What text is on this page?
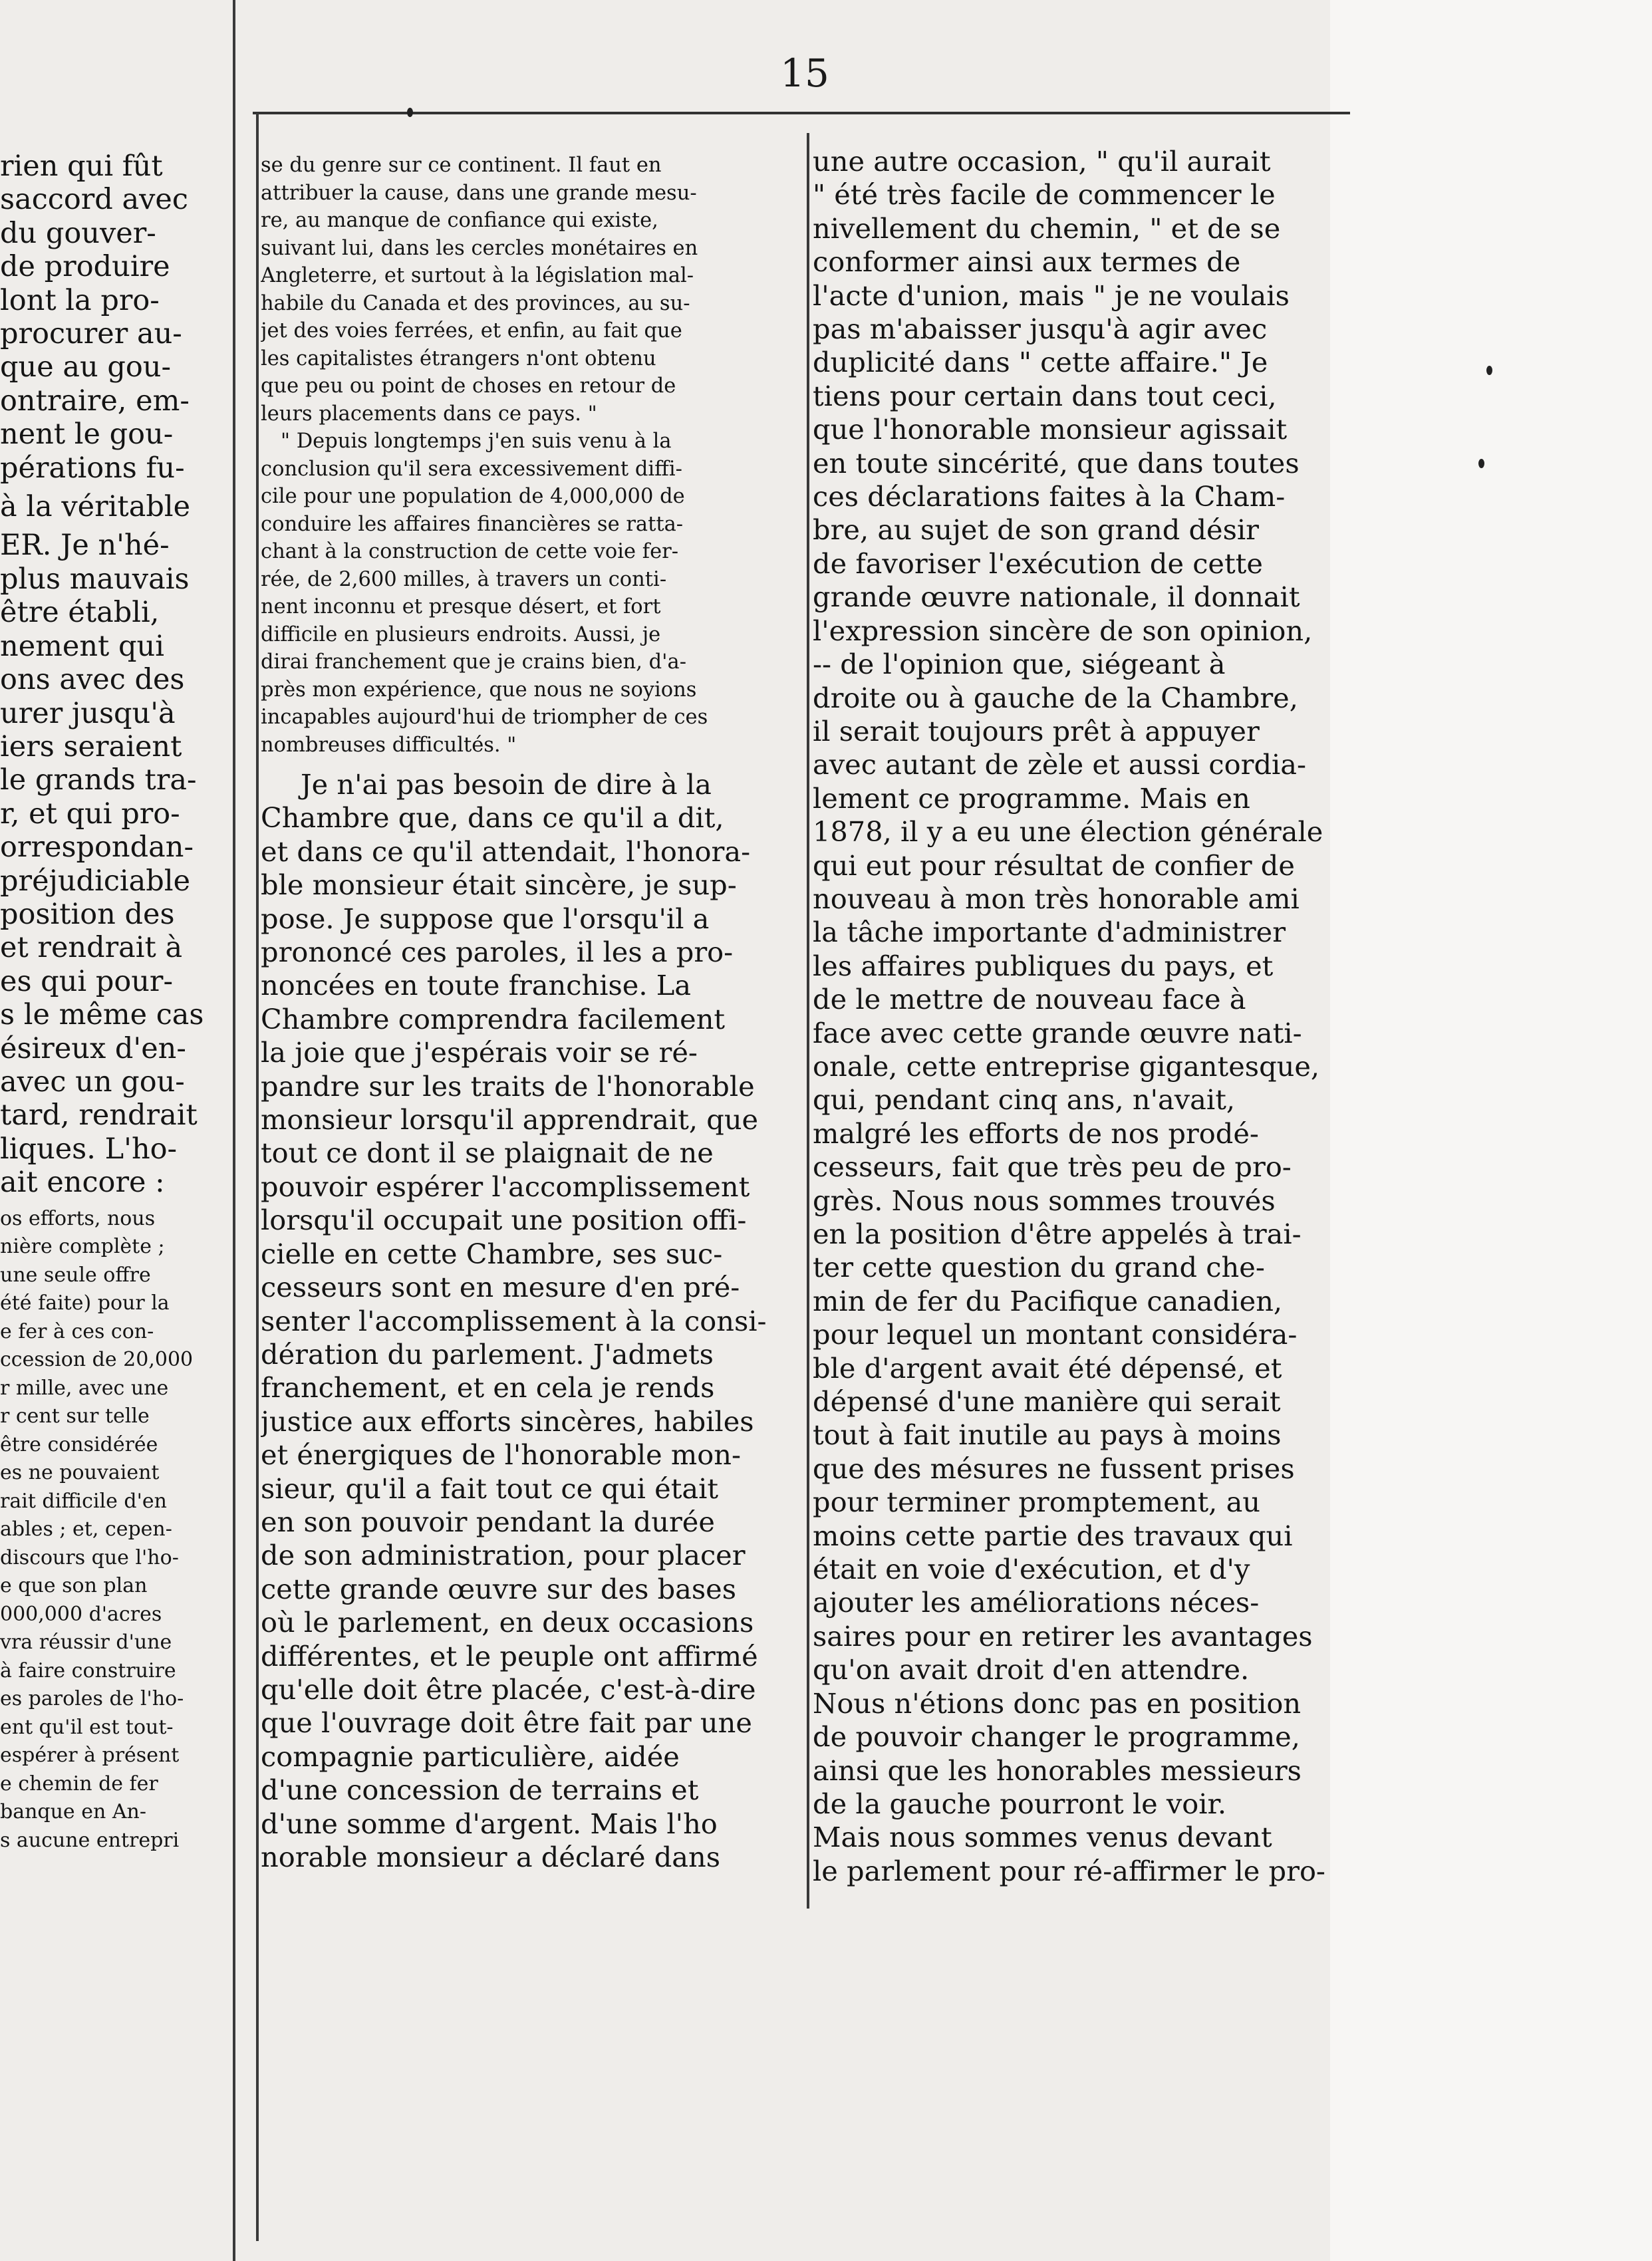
15

rien qui fût

saccord avec

du gouver-

de produire

lont la pro-

procurer au-

que au gou-

ontraire, em-

nent le gou-

pérations fu-

à la véritable

ER. Je n'hé-

plus mauvais

être établi,

nement qui

ons avec des

urer jusqu'à

iers seraient

le grands tra-

r, et qui pro-

orrespondan-

préjudiciable

position des

et rendrait à

es qui pour-

s le même cas

ésireux d'en-

avec un gou-

tard, rendrait

liques. L'ho-

ait encore :

os efforts, nous

nière complète ;

une seule offre

été faite) pour la

e fer à ces con-

ccession de 20,000

r mille, avec une

r cent sur telle

être considérée

es ne pouvaient

rait difficile d'en

ables ; et, cepen-

discours que l'ho-

e que son plan

000,000 d'acres

vra réussir d'une

à faire construire

es paroles de l'ho-

ent qu'il est tout-

espérer à présent

e chemin de fer

banque en An-

s aucune entrepri

se du genre sur ce continent. Il faut en

attribuer la cause, dans une grande mesu-

re, au manque de confiance qui existe,

suivant lui, dans les cercles monétaires en

Angleterre, et surtout à la législation mal-

habile du Canada et des provinces, au su-

jet des voies ferrées, et enfin, au fait que

les capitalistes étrangers n'ont obtenu

que peu ou point de choses en retour de

leurs placements dans ce pays. "

" Depuis longtemps j'en suis venu à la

conclusion qu'il sera excessivement diffi-

cile pour une population de 4,000,000 de

conduire les affaires financières se ratta-

chant à la construction de cette voie fer-

rée, de 2,600 milles, à travers un conti-

nent inconnu et presque désert, et fort

difficile en plusieurs endroits. Aussi, je

dirai franchement que je crains bien, d'a-

près mon expérience, que nous ne soyions

incapables aujourd'hui de triompher de ces

nombreuses difficultés. "

Je n'ai pas besoin de dire à la

Chambre que, dans ce qu'il a dit,

et dans ce qu'il attendait, l'honora-

ble monsieur était sincère, je sup-

pose. Je suppose que l'orsqu'il a

prononcé ces paroles, il les a pro-

noncées en toute franchise. La

Chambre comprendra facilement

la joie que j'espérais voir se ré-

pandre sur les traits de l'honorable

monsieur lorsqu'il apprendrait, que

tout ce dont il se plaignait de ne

pouvoir espérer l'accomplissement

lorsqu'il occupait une position offi-

cielle en cette Chambre, ses suc-

cesseurs sont en mesure d'en pré-

senter l'accomplissement à la consi-

dération du parlement. J'admets

franchement, et en cela je rends

justice aux efforts sincères, habiles

et énergiques de l'honorable mon-

sieur, qu'il a fait tout ce qui était

en son pouvoir pendant la durée

de son administration, pour placer

cette grande œuvre sur des bases

où le parlement, en deux occasions

différentes, et le peuple ont affirmé

qu'elle doit être placée, c'est-à-dire

que l'ouvrage doit être fait par une

compagnie particulière, aidée

d'une concession de terrains et

d'une somme d'argent. Mais l'ho

norable monsieur a déclaré dans

une autre occasion, " qu'il aurait

" été très facile de commencer le

nivellement du chemin, " et de se

conformer ainsi aux termes de

l'acte d'union, mais " je ne voulais

pas m'abaisser jusqu'à agir avec

duplicité dans " cette affaire." Je

tiens pour certain dans tout ceci,

que l'honorable monsieur agissait

en toute sincérité, que dans toutes

ces déclarations faites à la Cham-

bre, au sujet de son grand désir

de favoriser l'exécution de cette

grande œuvre nationale, il donnait

l'expression sincère de son opinion,

-- de l'opinion que, siégeant à

droite ou à gauche de la Chambre,

il serait toujours prêt à appuyer

avec autant de zèle et aussi cordia-

lement ce programme. Mais en

1878, il y a eu une élection générale

qui eut pour résultat de confier de

nouveau à mon très honorable ami

la tâche importante d'administrer

les affaires publiques du pays, et

de le mettre de nouveau face à

face avec cette grande œuvre nati-

onale, cette entreprise gigantesque,

qui, pendant cinq ans, n'avait,

malgré les efforts de nos prodé-

cesseurs, fait que très peu de pro-

grès. Nous nous sommes trouvés

en la position d'être appelés à trai-

ter cette question du grand che-

min de fer du Pacifique canadien,

pour lequel un montant considéra-

ble d'argent avait été dépensé, et

dépensé d'une manière qui serait

tout à fait inutile au pays à moins

que des mésures ne fussent prises

pour terminer promptement, au

moins cette partie des travaux qui

était en voie d'exécution, et d'y

ajouter les améliorations néces-

saires pour en retirer les avantages

qu'on avait droit d'en attendre.

Nous n'étions donc pas en position

de pouvoir changer le programme,

ainsi que les honorables messieurs

de la gauche pourront le voir.

Mais nous sommes venus devant

le parlement pour ré-affirmer le pro-
